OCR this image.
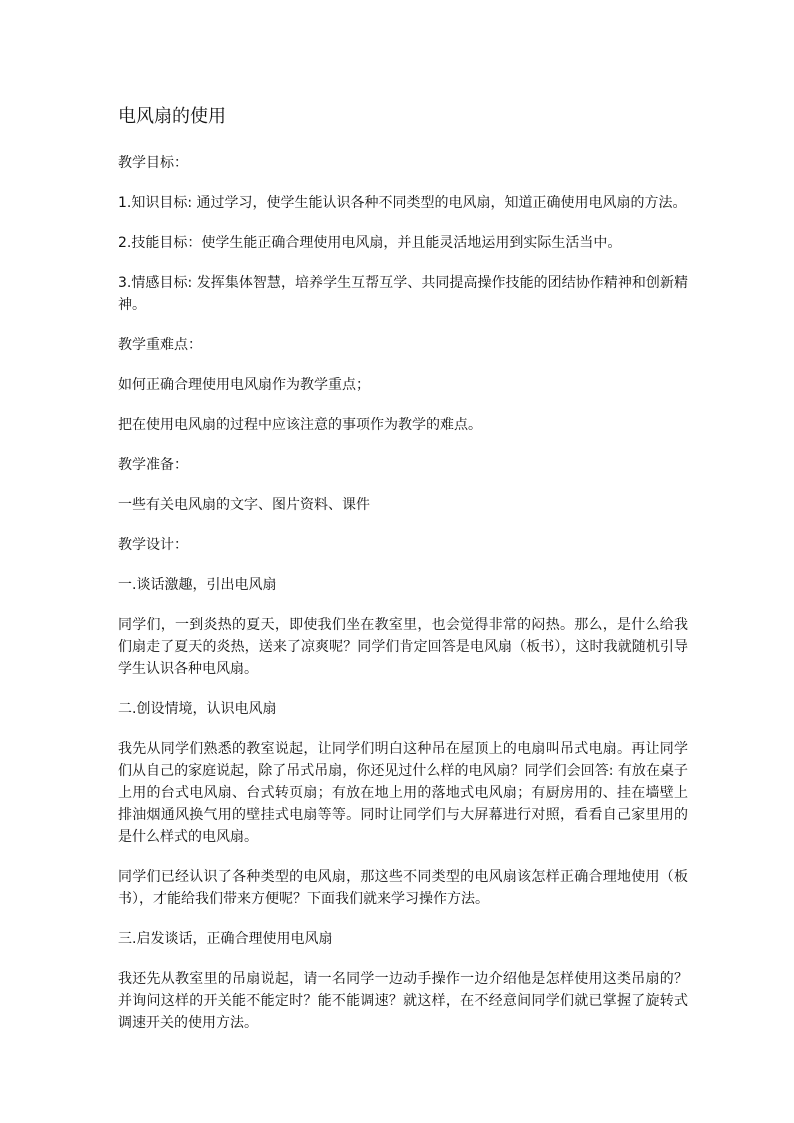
电风扇的使用

教学目标：

1.知识目标: 通过学习，使学生能认识各种不同类型的电风扇，知道正确使用电风扇的方法。

2.技能目标：使学生能正确合理使用电风扇，并且能灵活地运用到实际生活当中。

3.情感目标: 发挥集体智慧，培养学生互帮互学、共同提高操作技能的团结协作精神和创新精神。

教学重难点：

如何正确合理使用电风扇作为教学重点；

把在使用电风扇的过程中应该注意的事项作为教学的难点。

教学准备：

一些有关电风扇的文字、图片资料、课件

教学设计：

一.谈话激趣，引出电风扇

同学们，一到炎热的夏天，即使我们坐在教室里，也会觉得非常的闷热。那么，是什么给我们扇走了夏天的炎热，送来了凉爽呢？同学们肯定回答是电风扇（板书），这时我就随机引导学生认识各种电风扇。

二.创设情境，认识电风扇

我先从同学们熟悉的教室说起，让同学们明白这种吊在屋顶上的电扇叫吊式电扇。再让同学们从自己的家庭说起，除了吊式吊扇，你还见过什么样的电风扇？同学们会回答: 有放在桌子上用的台式电风扇、台式转页扇；有放在地上用的落地式电风扇；有厨房用的、挂在墙壁上排油烟通风换气用的壁挂式电扇等等。同时让同学们与大屏幕进行对照，看看自己家里用的是什么样式的电风扇。

同学们已经认识了各种类型的电风扇，那这些不同类型的电风扇该怎样正确合理地使用（板书），才能给我们带来方便呢？下面我们就来学习操作方法。

三.启发谈话，正确合理使用电风扇

我还先从教室里的吊扇说起，请一名同学一边动手操作一边介绍他是怎样使用这类吊扇的？并询问这样的开关能不能定时？能不能调速？就这样，在不经意间同学们就已掌握了旋转式调速开关的使用方法。
